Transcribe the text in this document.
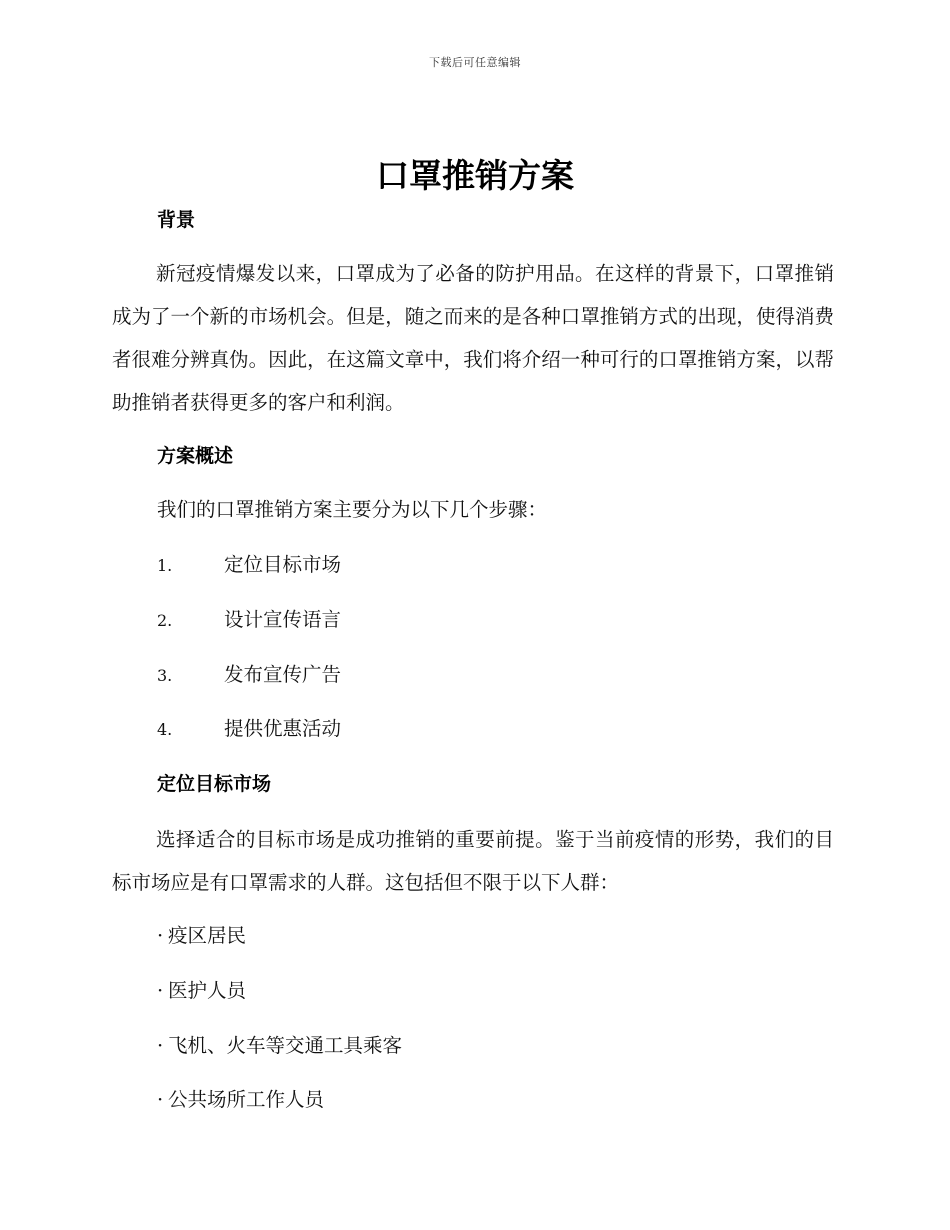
下载后可任意编辑
口罩推销方案
背景

新冠疫情爆发以来，口罩成为了必备的防护用品。在这样的背景下，口罩推销成为了一个新的市场机会。但是，随之而来的是各种口罩推销方式的出现，使得消费者很难分辨真伪。因此，在这篇文章中，我们将介绍一种可行的口罩推销方案，以帮助推销者获得更多的客户和利润。

方案概述

我们的口罩推销方案主要分为以下几个步骤：

1.	定位目标市场
2.	设计宣传语言
3.	发布宣传广告
4.	提供优惠活动
定位目标市场

选择适合的目标市场是成功推销的重要前提。鉴于当前疫情的形势，我们的目标市场应是有口罩需求的人群。这包括但不限于以下人群：

· 疫区居民
· 医护人员
· 飞机、火车等交通工具乘客
· 公共场所工作人员
